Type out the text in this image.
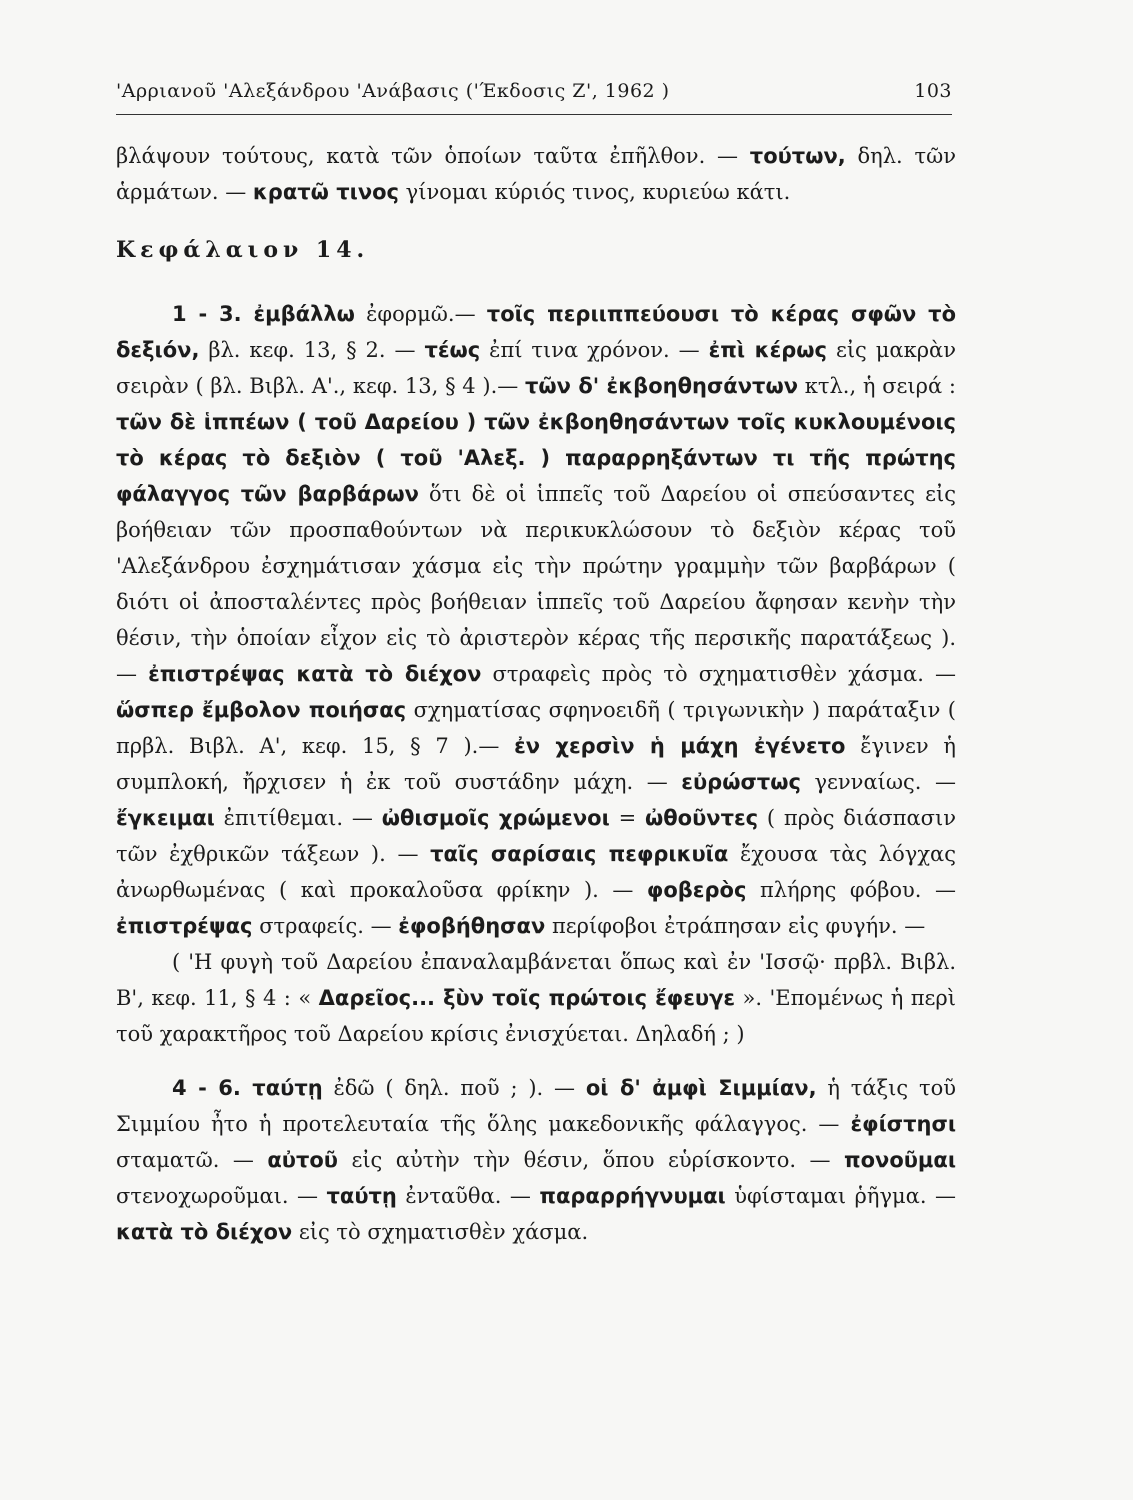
'Αρριανοῦ 'Αλεξάνδρου 'Ανάβασις ('Έκδοσις Ζ', 1962 )	103

βλάψουν τούτους, κατὰ τῶν ὁποίων ταῦτα ἐπῆλθον. — τούτων, δηλ. τῶν ἁρμάτων. — κρατῶ τινος γίνομαι κύριός τινος, κυριεύω κάτι.

Κεφάλαιον 14.

1 - 3. ἐμβάλλω ἐφορμῶ.— τοῖς περιιππεύουσι τὸ κέρας σφῶν τὸ δεξιόν, βλ. κεφ. 13, § 2. — τέως ἐπί τινα χρόνον. — ἐπὶ κέρως εἰς μακρὰν σειρὰν ( βλ. Βιβλ. Α'., κεφ. 13, § 4 ).— τῶν δ' ἐκβοηθησάντων κτλ., ἡ σειρά : τῶν δὲ ἱππέων ( τοῦ Δαρείου ) τῶν ἐκβοηθησάντων τοῖς κυκλουμένοις τὸ κέρας τὸ δεξιὸν ( τοῦ 'Αλεξ. ) παραρρηξάντων τι τῆς πρώτης φάλαγγος τῶν βαρβάρων ὅτι δὲ οἱ ἱππεῖς τοῦ Δαρείου οἱ σπεύσαντες εἰς βοήθειαν τῶν προσπαθούντων νὰ περικυκλώσουν τὸ δεξιὸν κέρας τοῦ 'Αλεξάνδρου ἐσχημάτισαν χάσμα εἰς τὴν πρώτην γραμμὴν τῶν βαρβάρων ( διότι οἱ ἀποσταλέντες πρὸς βοήθειαν ἱππεῖς τοῦ Δαρείου ἄφησαν κενὴν τὴν θέσιν, τὴν ὁποίαν εἶχον εἰς τὸ ἀριστερὸν κέρας τῆς περσικῆς παρατάξεως ). — ἐπιστρέψας κατὰ τὸ διέχον στραφεὶς πρὸς τὸ σχηματισθὲν χάσμα. — ὥσπερ ἔμβολον ποιήσας σχηματίσας σφηνοειδῆ ( τριγωνικὴν ) παράταξιν ( πρβλ. Βιβλ. Α', κεφ. 15, § 7 ).— ἐν χερσὶν ἡ μάχη ἐγένετο ἔγινεν ἡ συμπλοκή, ἤρχισεν ἡ ἐκ τοῦ συστάδην μάχη. — εὐρώστως γενναίως. — ἔγκειμαι ἐπιτίθεμαι. — ὠθισμοῖς χρώμενοι = ὠθοῦντες ( πρὸς διάσπασιν τῶν ἐχθρικῶν τάξεων ). — ταῖς σαρίσαις πεφρικυῖα ἔχουσα τὰς λόγχας ἀνωρθωμένας ( καὶ προκαλοῦσα φρίκην ). — φοβερὸς πλήρης φόβου. — ἐπιστρέψας στραφείς. — ἐφοβήθησαν περίφοβοι ἐτράπησαν εἰς φυγήν. —

( 'Η φυγὴ τοῦ Δαρείου ἐπαναλαμβάνεται ὅπως καὶ ἐν 'Ισσῷ· πρβλ. Βιβλ. Β', κεφ. 11, § 4 : « Δαρεῖος... ξὺν τοῖς πρώτοις ἔφευγε ». 'Επομένως ἡ περὶ τοῦ χαρακτῆρος τοῦ Δαρείου κρίσις ἐνισχύεται. Δηλαδή ; )

4 - 6. ταύτῃ ἐδῶ ( δηλ. ποῦ ; ). — οἱ δ' ἀμφὶ Σιμμίαν, ἡ τάξις τοῦ Σιμμίου ἦτο ἡ προτελευταία τῆς ὅλης μακεδονικῆς φάλαγγος. — ἐφίστησι σταματῶ. — αὐτοῦ εἰς αὐτὴν τὴν θέσιν, ὅπου εὑρίσκοντο. — πονοῦμαι στενοχωροῦμαι. — ταύτῃ ἐνταῦθα. — παραρρήγνυμαι ὑφίσταμαι ῥῆγμα. — κατὰ τὸ διέχον εἰς τὸ σχηματισθὲν χάσμα.
